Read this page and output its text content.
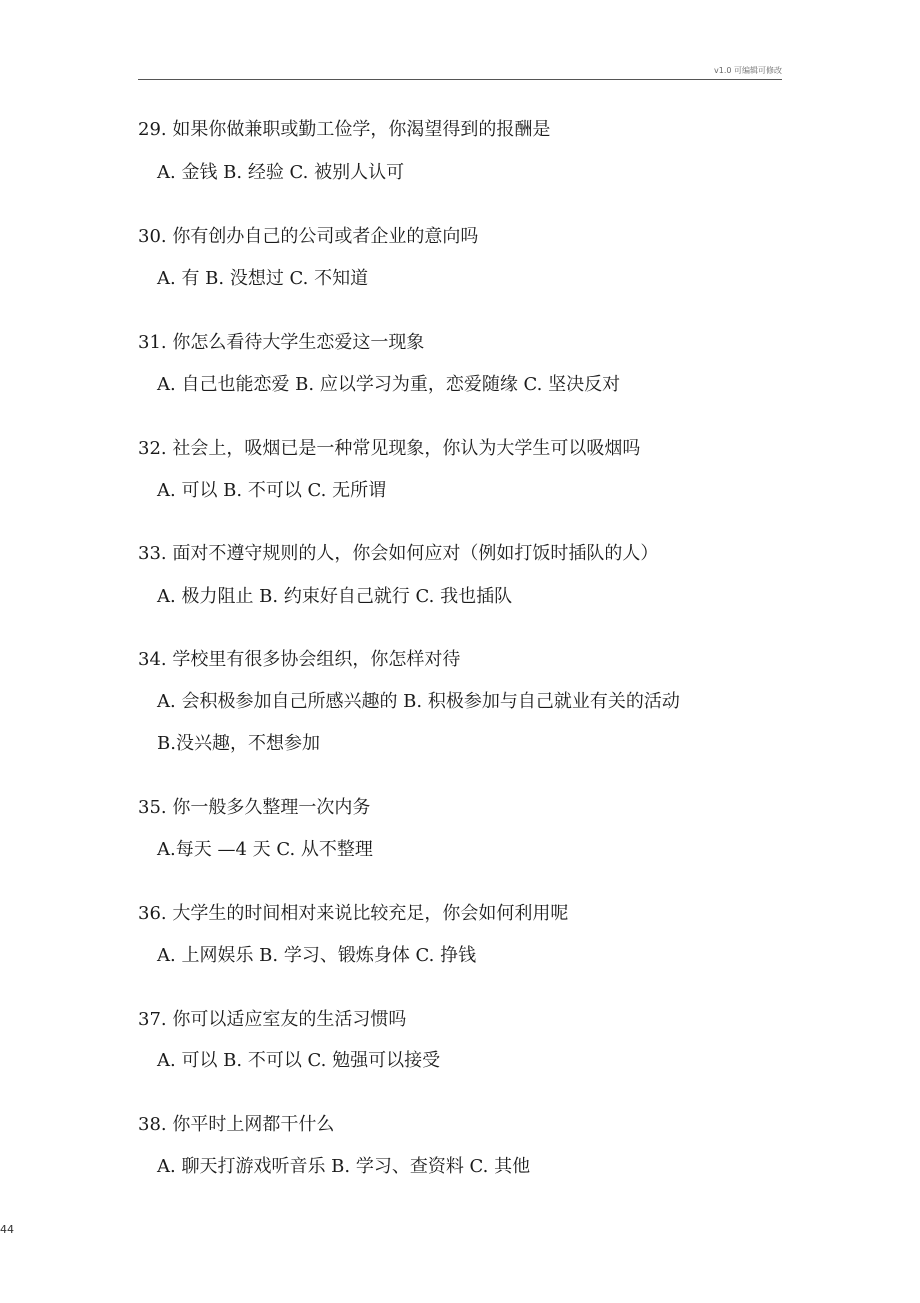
v1.0 可编辑可修改
29. 如果你做兼职或勤工俭学，你渴望得到的报酬是
A. 金钱 B. 经验 C. 被别人认可
30. 你有创办自己的公司或者企业的意向吗
A. 有 B. 没想过 C. 不知道
31. 你怎么看待大学生恋爱这一现象
A. 自己也能恋爱 B. 应以学习为重，恋爱随缘 C. 坚决反对
32. 社会上，吸烟已是一种常见现象，你认为大学生可以吸烟吗
A. 可以 B. 不可以 C. 无所谓
33. 面对不遵守规则的人，你会如何应对（例如打饭时插队的人）
A. 极力阻止 B. 约束好自己就行 C. 我也插队
34. 学校里有很多协会组织，你怎样对待
A. 会积极参加自己所感兴趣的 B. 积极参加与自己就业有关的活动
B.没兴趣，不想参加
35. 你一般多久整理一次内务
A.每天 —4 天 C. 从不整理
36. 大学生的时间相对来说比较充足，你会如何利用呢
A. 上网娱乐 B. 学习、锻炼身体 C. 挣钱
37. 你可以适应室友的生活习惯吗
A. 可以 B. 不可以 C. 勉强可以接受
38. 你平时上网都干什么
A. 聊天打游戏听音乐 B. 学习、查资料 C. 其他
44
